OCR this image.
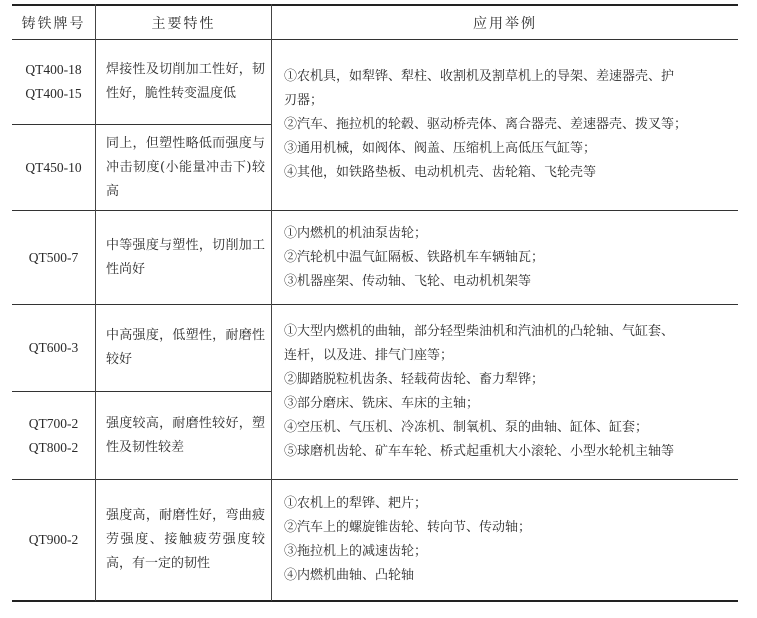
铸铁牌号	主要特性	应用举例
QT400-18
QT400-15
焊接性及切削加工性好，韧性好，脆性转变温度低
QT450-10
同上，但塑性略低而强度与冲击韧度(小能量冲击下)较高
①农机具，如犁铧、犁柱、收割机及割草机上的导架、差速器壳、护
刃器；
②汽车、拖拉机的轮毂、驱动桥壳体、离合器壳、差速器壳、拨叉等；
③通用机械，如阀体、阀盖、压缩机上高低压气缸等；
④其他，如铁路垫板、电动机机壳、齿轮箱、飞轮壳等
QT500-7
中等强度与塑性，切削加工性尚好
①内燃机的机油泵齿轮；
②汽轮机中温气缸隔板、铁路机车车辆轴瓦；
③机器座架、传动轴、飞轮、电动机机架等
QT600-3
中高强度，低塑性，耐磨性较好
QT700-2
QT800-2
强度较高，耐磨性较好，塑性及韧性较差
①大型内燃机的曲轴，部分轻型柴油机和汽油机的凸轮轴、气缸套、
连杆，以及进、排气门座等；
②脚踏脱粒机齿条、轻载荷齿轮、畜力犁铧；
③部分磨床、铣床、车床的主轴；
④空压机、气压机、冷冻机、制氧机、泵的曲轴、缸体、缸套；
⑤球磨机齿轮、矿车车轮、桥式起重机大小滚轮、小型水轮机主轴等
QT900-2
强度高，耐磨性好，弯曲疲劳强度、接触疲劳强度较高，有一定的韧性
①农机上的犁铧、耙片；
②汽车上的螺旋锥齿轮、转向节、传动轴；
③拖拉机上的减速齿轮；
④内燃机曲轴、凸轮轴
